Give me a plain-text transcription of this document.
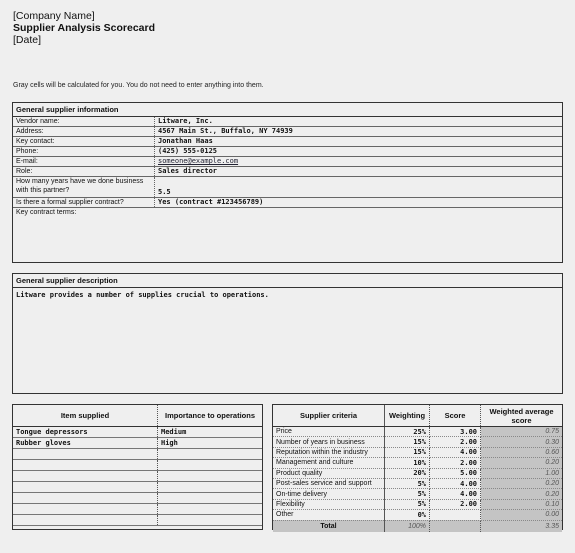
[Company Name]
Supplier Analysis Scorecard
[Date]
Gray cells will be calculated for you. You do not need to enter anything into them.
General supplier information
Vendor name:	Litware, Inc.
Address:	4567 Main St., Buffalo, NY 74939
Key contact:	Jonathan Haas
Phone:	(425) 555-0125
E-mail:	someone@example.com
Role:	Sales director
How many years have we done business with this partner?	5.5
Is there a formal supplier contract?	Yes (contract #123456789)
Key contract terms:
General supplier description
Litware provides a number of supplies crucial to operations.
Item supplied	Importance to operations
Tongue depressors	Medium
Rubber gloves	High

Supplier criteria	Weighting	Score	Weighted average score
Price	25%	3.00	0.75
Number of years in business	15%	2.00	0.30
Reputation within the industry	15%	4.00	0.60
Management and culture	10%	2.00	0.20
Product quality	20%	5.00	1.00
Post-sales service and support	5%	4.00	0.20
On-time delivery	5%	4.00	0.20
Flexibility	5%	2.00	0.10
Other	0%		0.00
Total	100%		3.35
